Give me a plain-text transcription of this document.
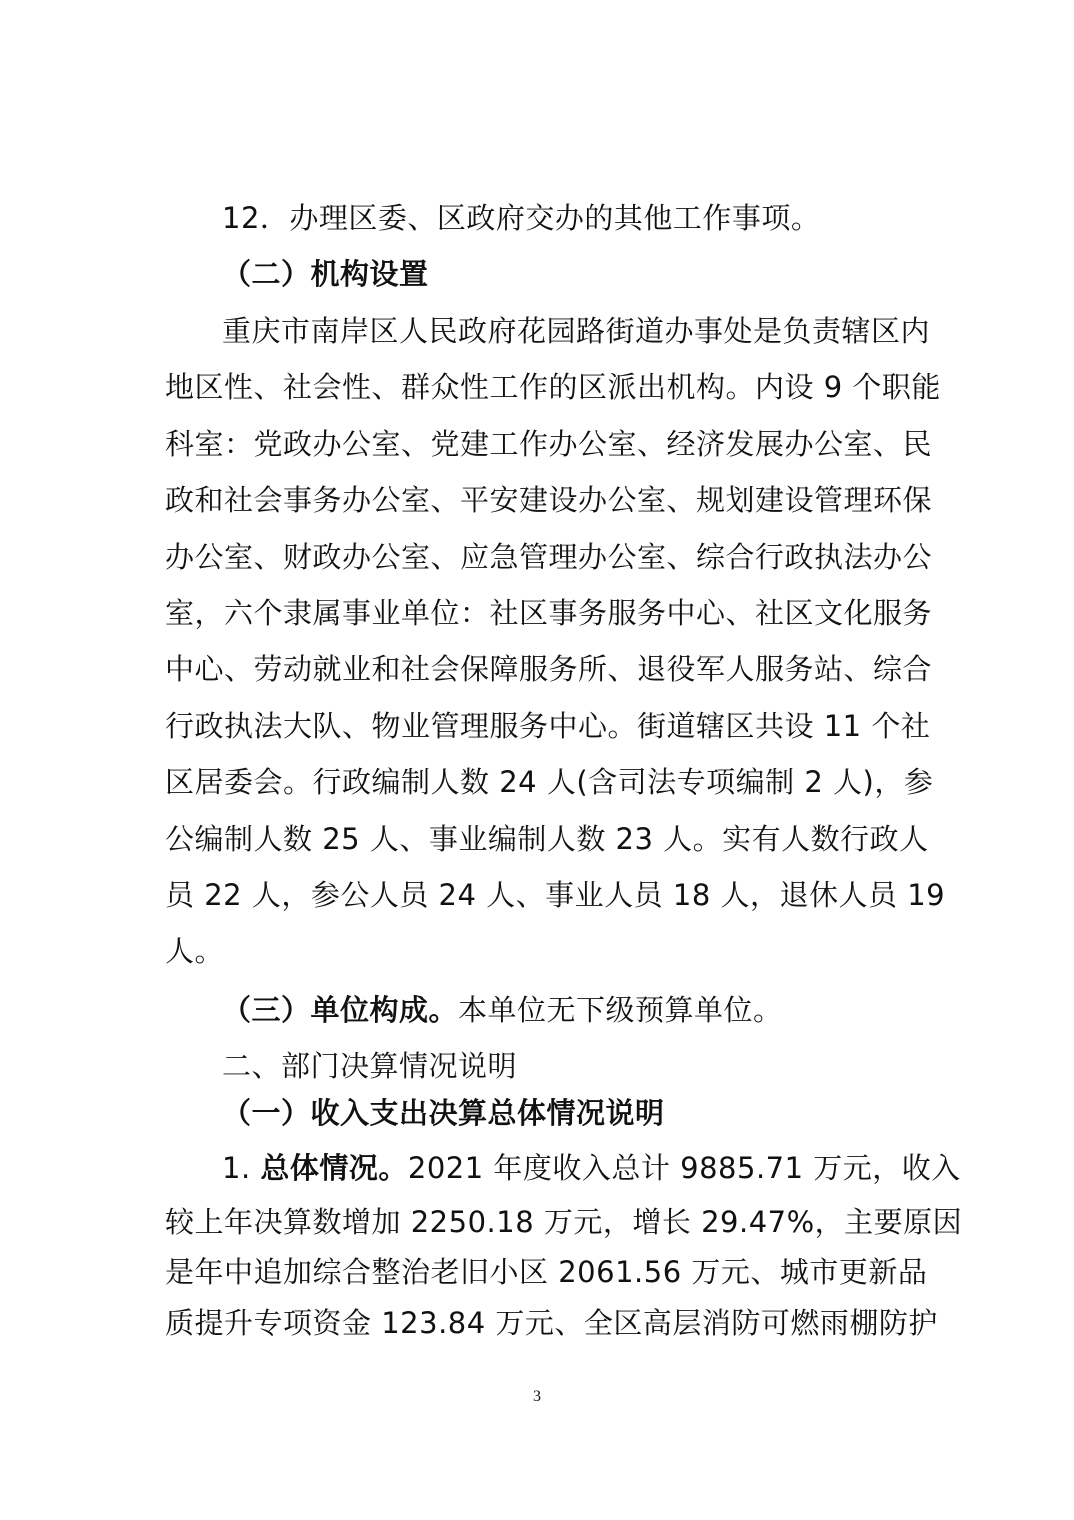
12．办理区委、区政府交办的其他工作事项。
（二）机构设置
重庆市南岸区人民政府花园路街道办事处是负责辖区内
地区性、社会性、群众性工作的区派出机构。内设 9 个职能
科室：党政办公室、党建工作办公室、经济发展办公室、民
政和社会事务办公室、平安建设办公室、规划建设管理环保
办公室、财政办公室、应急管理办公室、综合行政执法办公
室，六个隶属事业单位：社区事务服务中心、社区文化服务
中心、劳动就业和社会保障服务所、退役军人服务站、综合
行政执法大队、物业管理服务中心。街道辖区共设 11 个社
区居委会。行政编制人数 24 人(含司法专项编制 2 人)，参
公编制人数 25 人、事业编制人数 23 人。实有人数行政人
员 22 人，参公人员 24 人、事业人员 18 人，退休人员 19
人。
（三）单位构成。本单位无下级预算单位。
二、部门决算情况说明
（一）收入支出决算总体情况说明
1. 总体情况。2021 年度收入总计 9885.71 万元，收入
较上年决算数增加 2250.18 万元，增长 29.47%，主要原因
是年中追加综合整治老旧小区 2061.56 万元、城市更新品
质提升专项资金 123.84 万元、全区高层消防可燃雨棚防护
3
